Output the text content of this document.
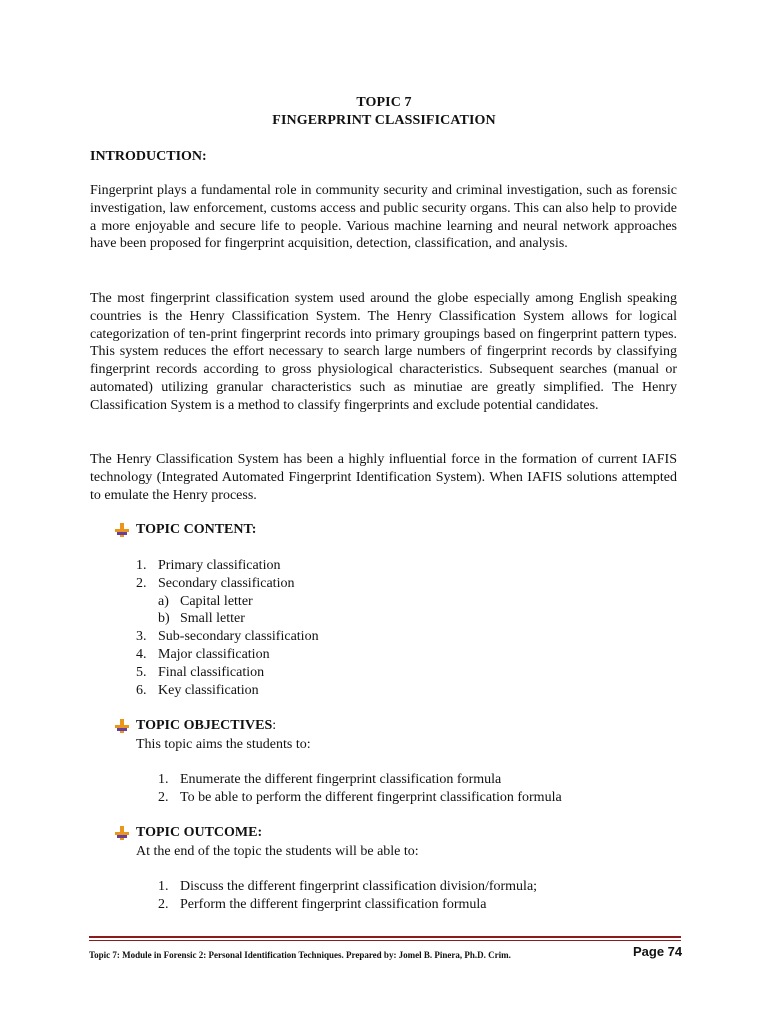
TOPIC 7
FINGERPRINT CLASSIFICATION
INTRODUCTION:

Fingerprint plays a fundamental role in community security and criminal investigation, such as forensic investigation, law enforcement, customs access and public security organs. This can also help to provide a more enjoyable and secure life to people. Various machine learning and neural network approaches have been proposed for fingerprint acquisition, detection, classification, and analysis.

The most fingerprint classification system used around the globe especially among English speaking countries is the Henry Classification System. The Henry Classification System allows for logical categorization of ten-print fingerprint records into primary groupings based on fingerprint pattern types. This system reduces the effort necessary to search large numbers of fingerprint records by classifying fingerprint records according to gross physiological characteristics. Subsequent searches (manual or automated) utilizing granular characteristics such as minutiae are greatly simplified. The Henry Classification System is a method to classify fingerprints and exclude potential candidates.

The Henry Classification System has been a highly influential force in the formation of current IAFIS technology (Integrated Automated Fingerprint Identification System). When IAFIS solutions attempted to emulate the Henry process.

TOPIC CONTENT:
1. Primary classification
2. Secondary classification
a) Capital letter
b) Small letter
3. Sub-secondary classification
4. Major classification
5. Final classification
6. Key classification
TOPIC OBJECTIVES :
This topic aims the students to:
1. Enumerate the different fingerprint classification formula
2. To be able to perform the different fingerprint classification formula
TOPIC OUTCOME:
At the end of the topic the students will be able to:
1. Discuss the different fingerprint classification division/formula;
2. Perform the different fingerprint classification formula
Topic 7: Module in Forensic 2: Personal Identification Techniques. Prepared by: Jomel B. Pinera, Ph.D. Crim.	Page 74
